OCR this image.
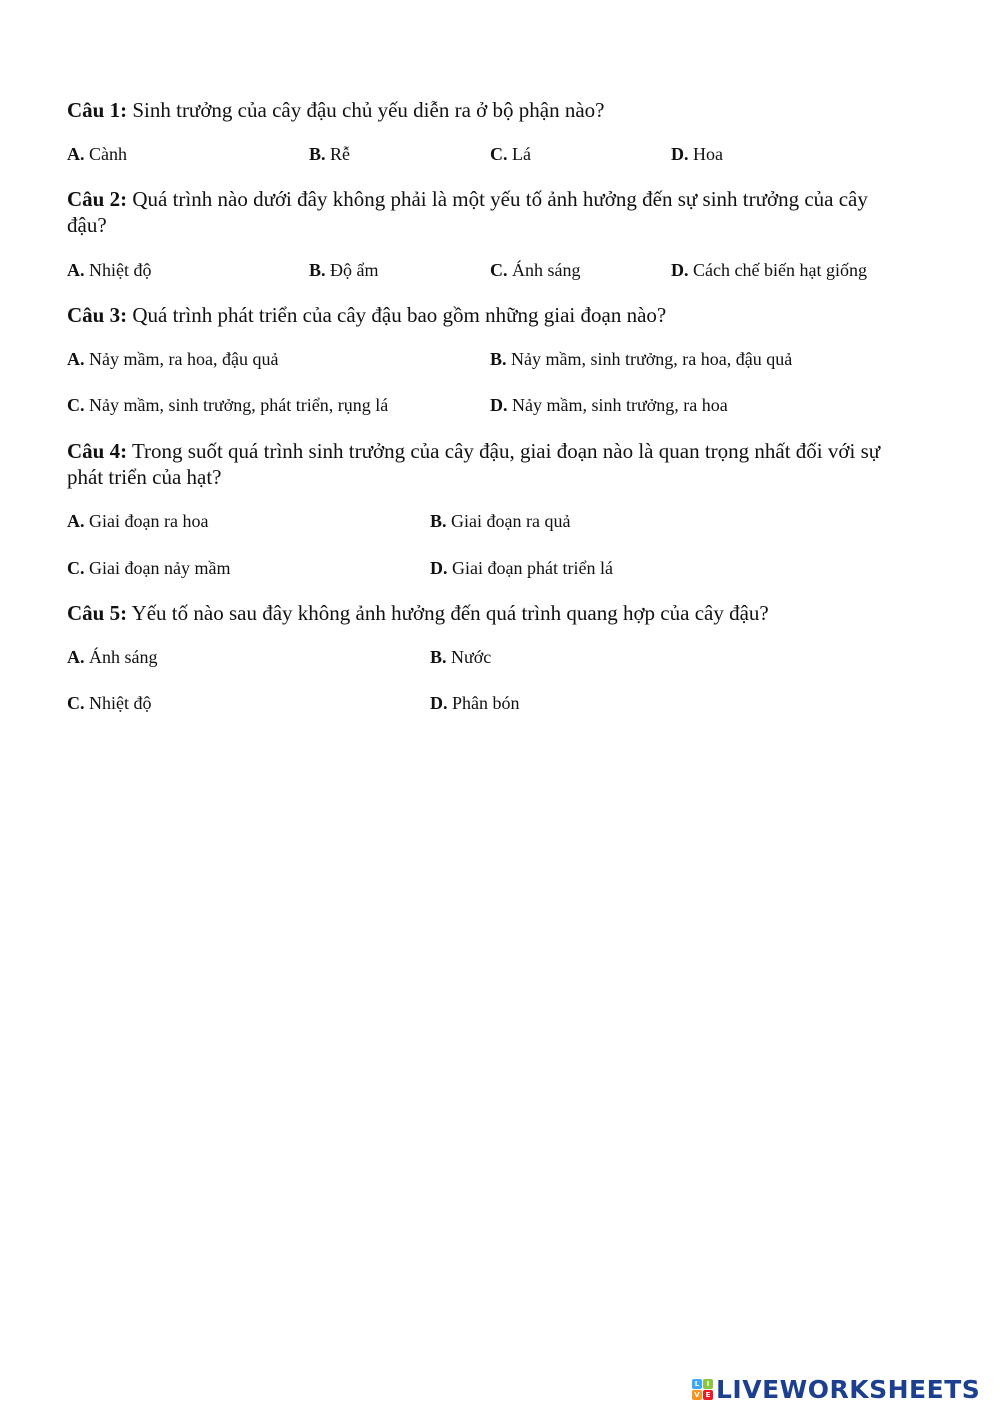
Câu 1: Sinh trưởng của cây đậu chủ yếu diễn ra ở bộ phận nào?
A. Cành	B. Rễ	C. Lá	D. Hoa
Câu 2: Quá trình nào dưới đây không phải là một yếu tố ảnh hưởng đến sự sinh trưởng của cây đậu?
A. Nhiệt độ	B. Độ ẩm	C. Ánh sáng	D. Cách chế biến hạt giống
Câu 3: Quá trình phát triển của cây đậu bao gồm những giai đoạn nào?
A. Nảy mầm, ra hoa, đậu quả	B. Nảy mầm, sinh trưởng, ra hoa, đậu quả
C. Nảy mầm, sinh trưởng, phát triển, rụng lá	D. Nảy mầm, sinh trưởng, ra hoa
Câu 4: Trong suốt quá trình sinh trưởng của cây đậu, giai đoạn nào là quan trọng nhất đối với sự phát triển của hạt?
A. Giai đoạn ra hoa	B. Giai đoạn ra quả
C. Giai đoạn nảy mầm	D. Giai đoạn phát triển lá
Câu 5: Yếu tố nào sau đây không ảnh hưởng đến quá trình quang hợp của cây đậu?
A. Ánh sáng	B. Nước
C. Nhiệt độ	D. Phân bón
L	I
V E LIVEWORKSHEETS
